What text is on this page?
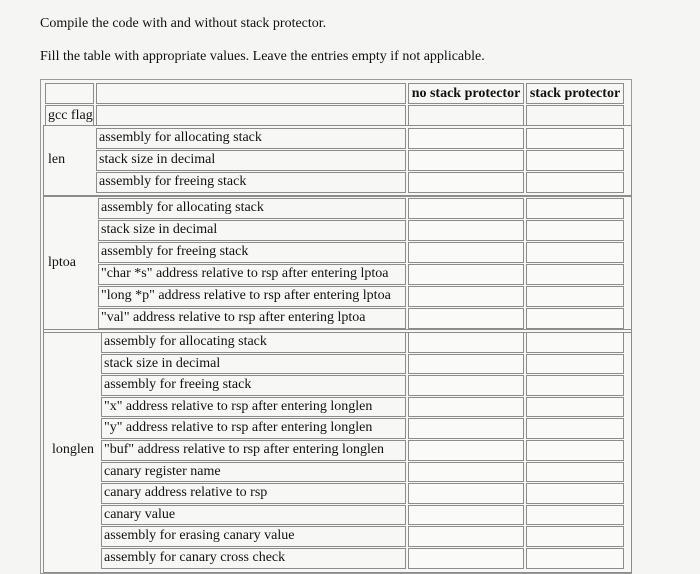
Compile the code with and without stack protector.
Fill the table with appropriate values. Leave the entries empty if not applicable.
no stack protector stack protector
gcc flag
len
assembly for allocating stack
stack size in decimal
assembly for freeing stack
lptoa
assembly for allocating stack
stack size in decimal
assembly for freeing stack
"char *s" address relative to rsp after entering lptoa
"long *p" address relative to rsp after entering lptoa
"val" address relative to rsp after entering lptoa
longlen
assembly for allocating stack
stack size in decimal
assembly for freeing stack
"x" address relative to rsp after entering longlen
"y" address relative to rsp after entering longlen
"buf" address relative to rsp after entering longlen
canary register name
canary address relative to rsp
canary value
assembly for erasing canary value
assembly for canary cross check
